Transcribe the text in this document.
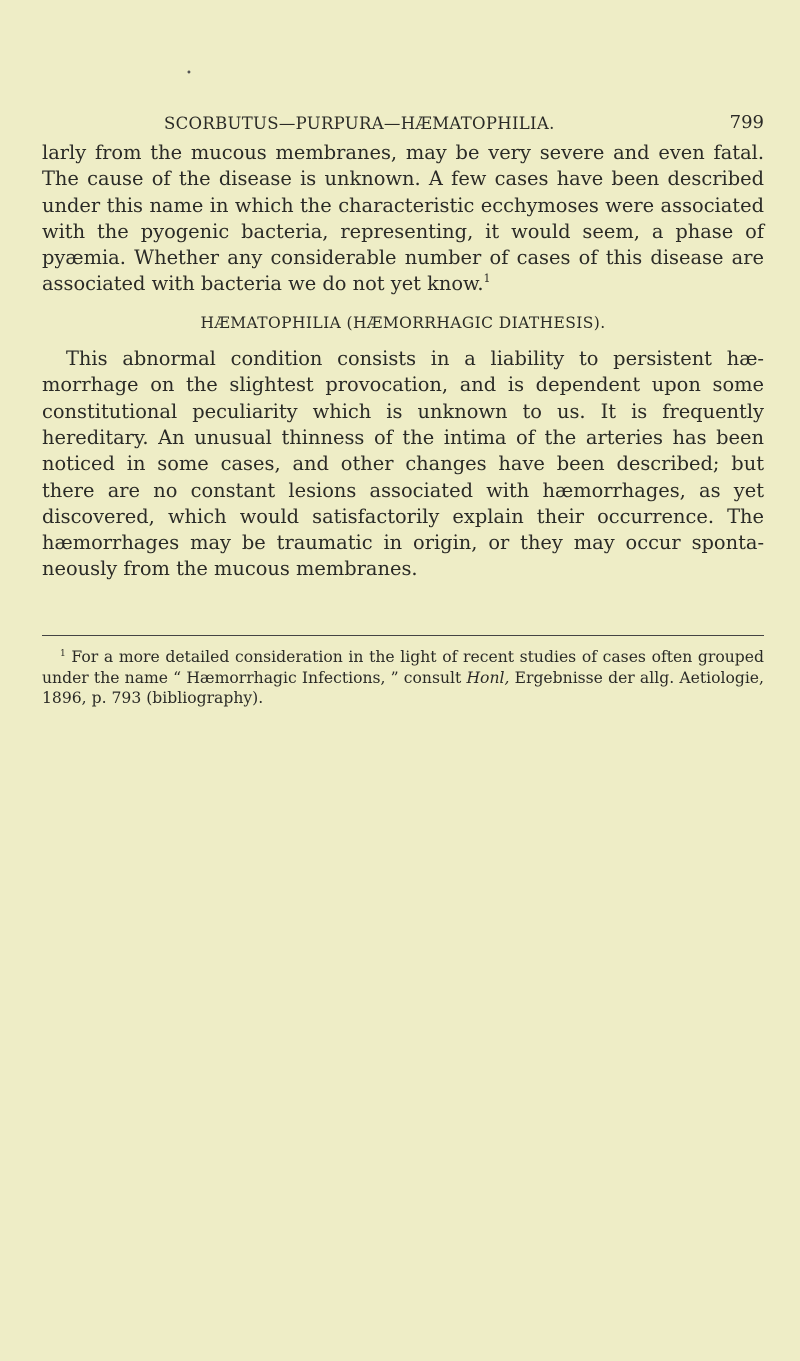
•
SCORBUTUS—PURPURA—HÆMATOPHILIA.	799

larly from the mucous membranes, may be very severe and even fatal. The cause of the disease is unknown. A few cases have been described under this name in which the characteristic ecchymoses were associated with the pyogenic bacteria, representing, it would seem, a phase of pyæmia. Whether any considerable number of cases of this disease are associated with bacteria we do not yet know.$^1$

HÆMATOPHILIA (HÆMORRHAGIC DIATHESIS).

This abnormal condition consists in a liability to persistent hæ-morrhage on the slightest provocation, and is dependent upon some constitutional peculiarity which is unknown to us. It is frequently hereditary. An unusual thinness of the intima of the arteries has been noticed in some cases, and other changes have been described; but there are no constant lesions associated with hæmorrhages, as yet discovered, which would satisfactorily explain their occurrence. The hæmorrhages may be traumatic in origin, or they may occur sponta-neously from the mucous membranes.

$^1$ For a more detailed consideration in the light of recent studies of cases often grouped under the name “ Hæmorrhagic Infections, ” consult Honl, Ergebnisse der allg. Aetiologie, 1896, p. 793 (bibliography).
